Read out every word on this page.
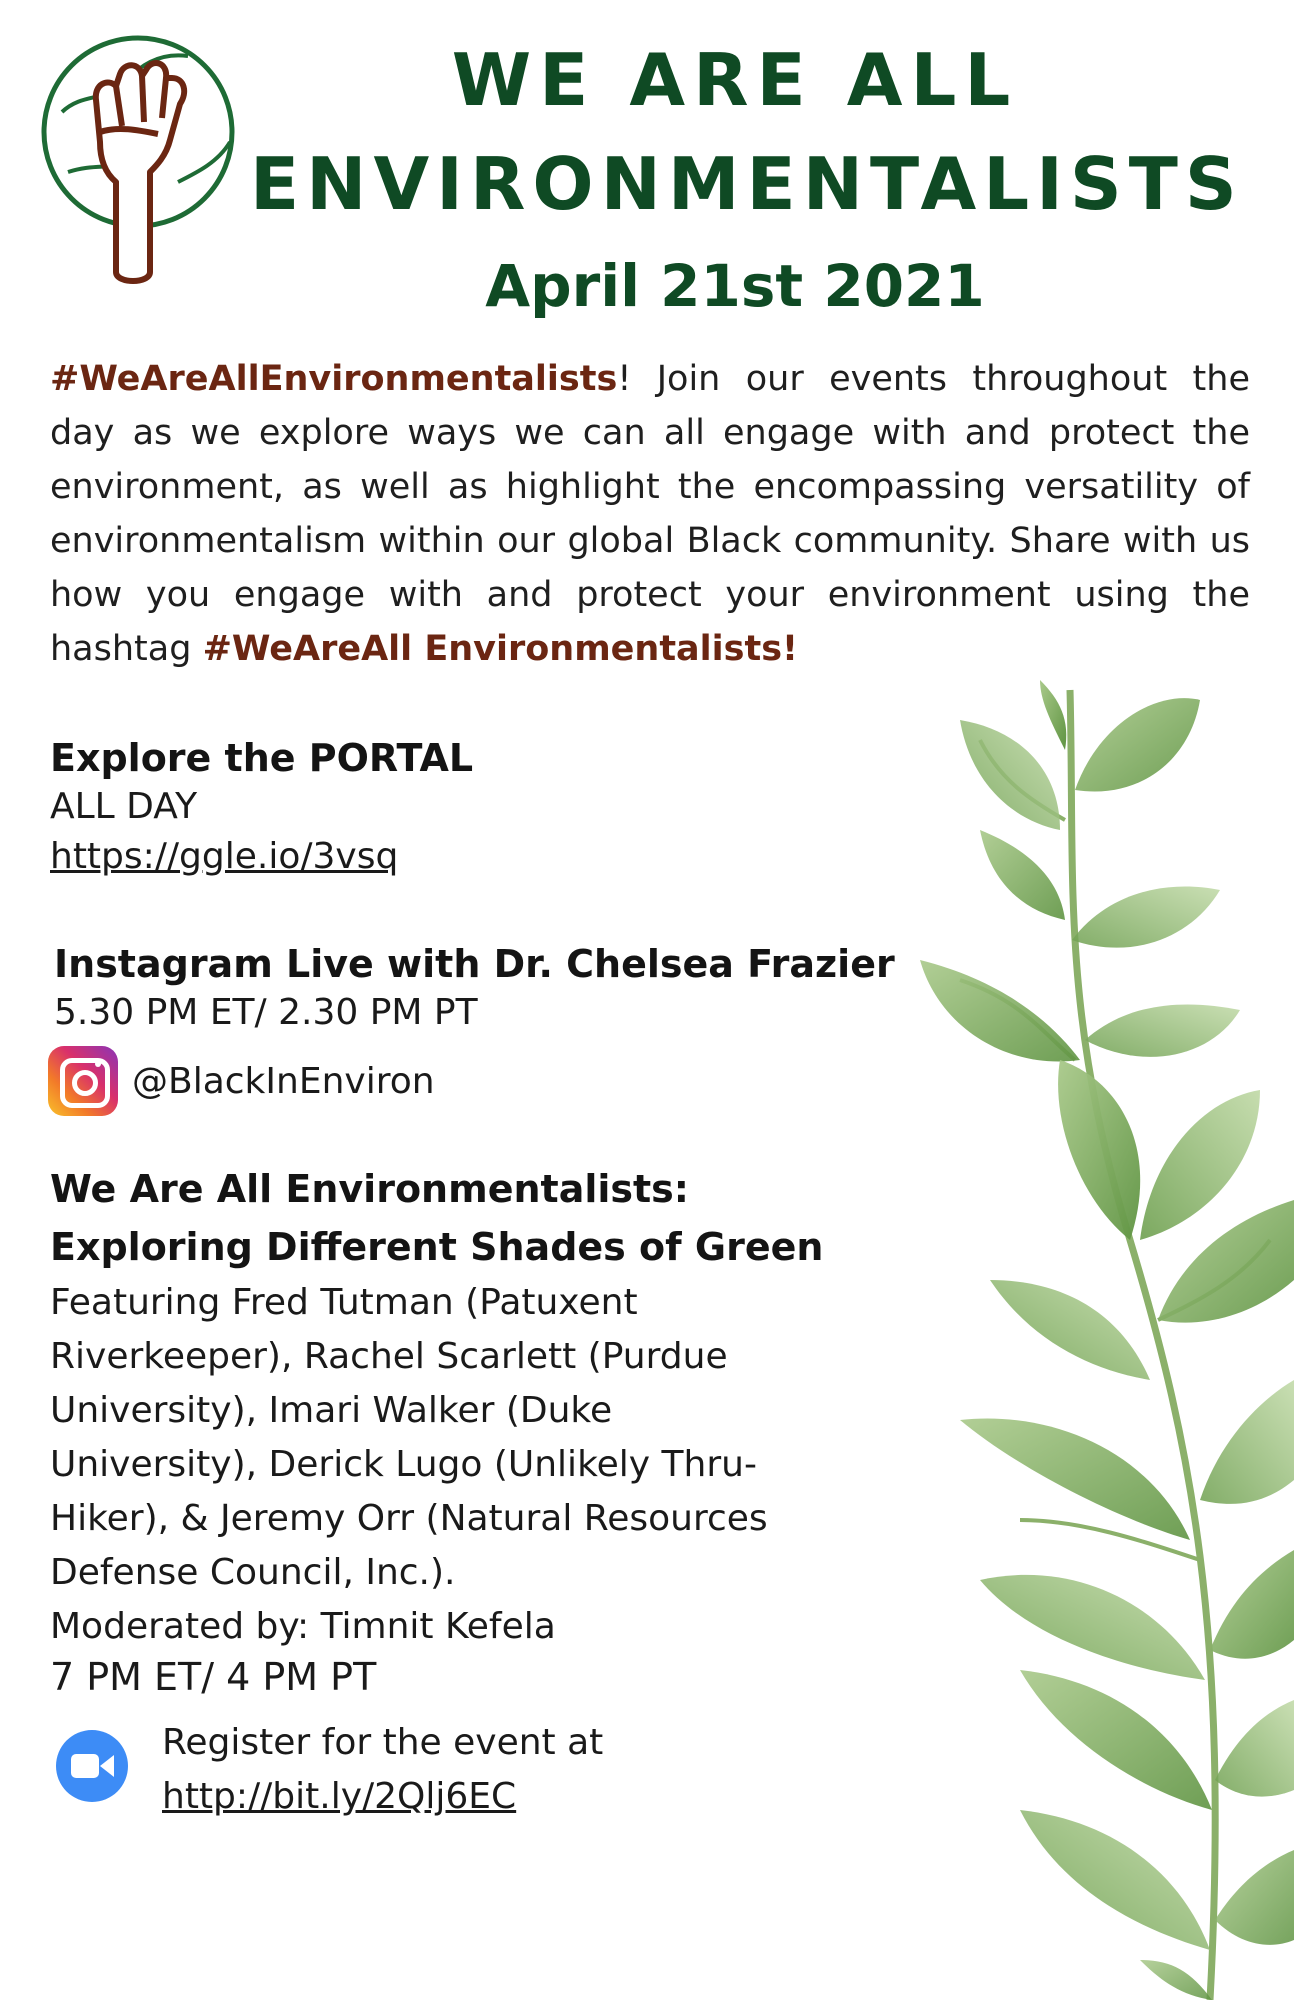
WE ARE ALL
ENVIRONMENTALISTS
April 21st 2021

#WeAreAllEnvironmentalists! Join our events throughout the day as we explore ways we can all engage with and protect the environment, as well as highlight the encompassing versatility of environmentalism within our global Black community. Share with us how you engage with and protect your environment using the hashtag #WeAreAll Environmentalists!

Explore the PORTAL

ALL DAY

https://ggle.io/3vsq

Instagram Live with Dr. Chelsea Frazier

5.30 PM ET/ 2.30 PM PT

@BlackInEnviron

We Are All Environmentalists:

Exploring Different Shades of Green

Featuring Fred Tutman (Patuxent

Riverkeeper), Rachel Scarlett (Purdue

University), Imari Walker (Duke

University), Derick Lugo (Unlikely Thru-

Hiker), & Jeremy Orr (Natural Resources

Defense Council, Inc.).

Moderated by: Timnit Kefela

7 PM ET/ 4 PM PT

Register for the event at

http://bit.ly/2Qlj6EC
